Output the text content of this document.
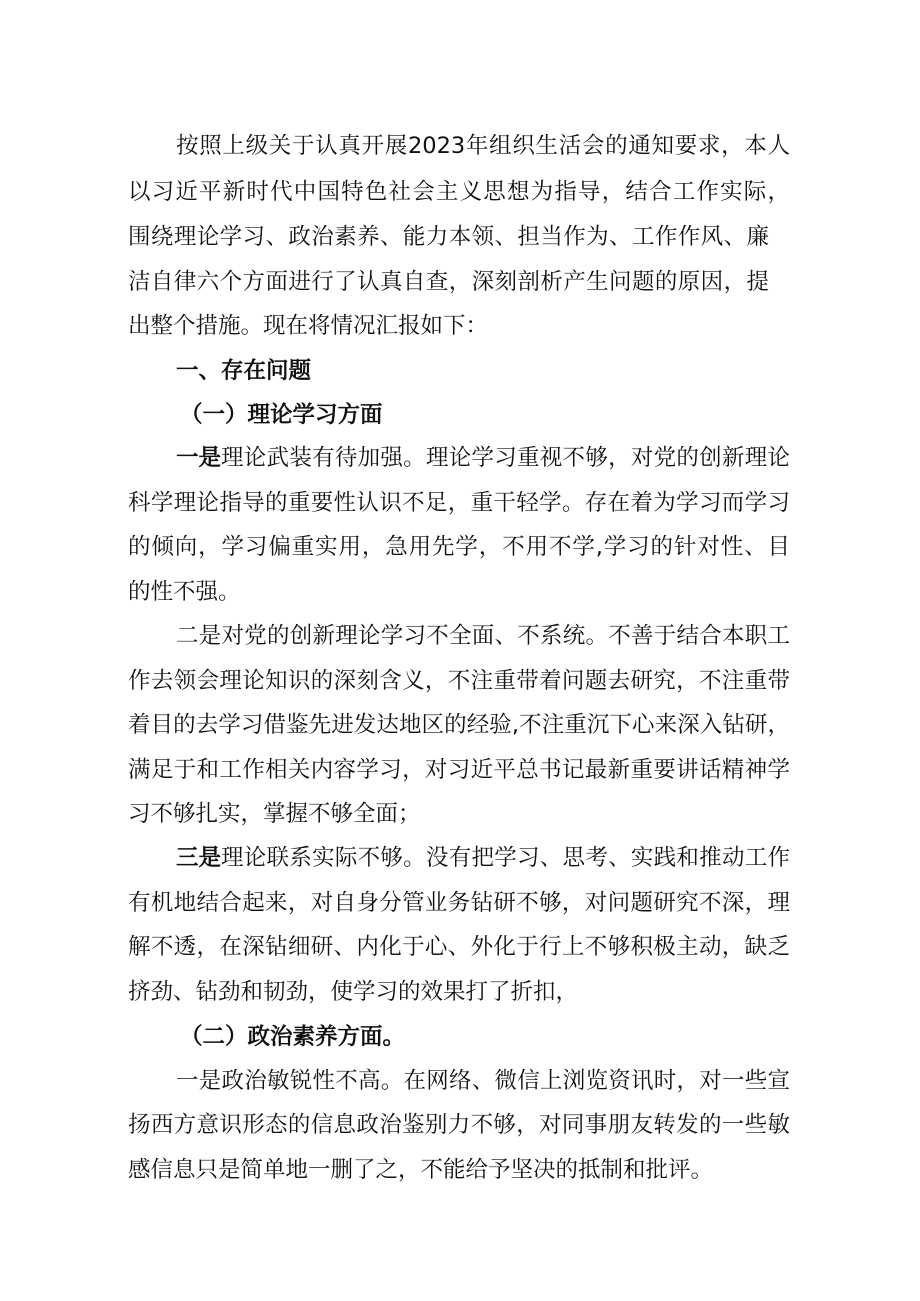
按照上级关于认真开展2023年组织生活会的通知要求，本人
以习近平新时代中国特色社会主义思想为指导，结合工作实际，
围绕理论学习、政治素养、能力本领、担当作为、工作作风、廉
洁自律六个方面进行了认真自查，深刻剖析产生问题的原因，提
出整个措施。现在将情况汇报如下：
一、存在问题
（一）理论学习方面
一是 理论武装有待加强。理论学习重视不够，对党的创新理论
科学理论指导的重要性认识不足，重干轻学。存在着为学习而学习
的倾向，学习偏重实用，急用先学，不用不学,学习的针对性、目
的性不强。
二是对党的创新理论学习不全面、不系统。不善于结合本职工
作去领会理论知识的深刻含义，不注重带着问题去研究，不注重带
着目的去学习借鉴先进发达地区的经验,不注重沉下心来深入钻研，
满足于和工作相关内容学习，对习近平总书记最新重要讲话精神学
习不够扎实，掌握不够全面；
三是 理论联系实际不够。没有把学习、思考、实践和推动工作
有机地结合起来，对自身分管业务钻研不够，对问题研究不深，理
解不透，在深钻细研、内化于心、外化于行上不够积极主动，缺乏
挤劲、钻劲和韧劲，使学习的效果打了折扣，
（二）政治素养方面。
一是政治敏锐性不高。在网络、微信上浏览资讯时，对一些宣
扬西方意识形态的信息政治鉴别力不够，对同事朋友转发的一些敏
感信息只是简单地一删了之，不能给予坚决的抵制和批评。
